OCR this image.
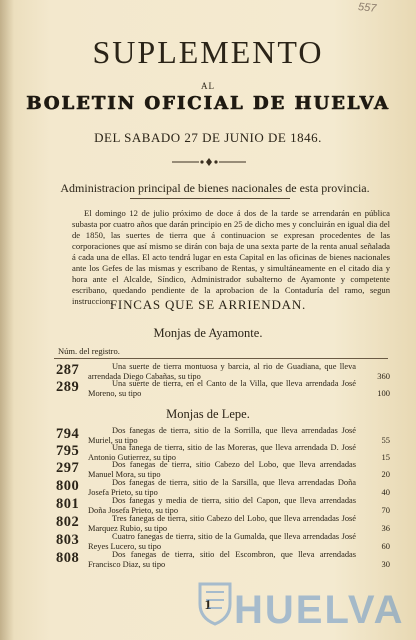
557
SUPLEMENTO
AL
BOLETIN OFICIAL DE HUELVA
DEL SABADO 27 DE JUNIO DE 1846.
Administracion principal de bienes nacionales de esta provincia.
El domingo 12 de julio próximo de doce á dos de la tarde se arrendarán en pública subasta por cuatro años que darán principio en 25 de dicho mes y concluirán en igual dia del de 1850, las suertes de tierra que á continuacion se expresan procedentes de las corporaciones que así mismo se dirán con baja de una sexta parte de la renta anual señalada á cada una de ellas. El acto tendrá lugar en esta Capital en las oficinas de bienes nacionales ante los Gefes de las mismas y escribano de Rentas, y simultáneamente en el citado dia y hora ante el Alcalde, Síndico, Administrador subalterno de Ayamonte y competente escribano, quedando pendiente de la aprobacion de la Contaduría del ramo, segun instruccion.
FINCAS QUE SE ARRIENDAN.
Monjas de Ayamonte.
Núm. del registro.
287	Una suerte de tierra montuosa y barcia, al rio de Guadiana, que lleva arrendada Diego Cabañas, su tipo	360
289	Una suerte de tierra, en el Canto de la Villa, que lleva arrendada José Moreno, su tipo	100
Monjas de Lepe.
794	Dos fanegas de tierra, sitio de la Sorrilla, que lleva arrendadas José Muriel, su tipo	55
795	Una fanega de tierra, sitio de las Moreras, que lleva arrendada D. José Antonio Gutierrez, su tipo	15
297	Dos fanegas de tierra, sitio Cabezo del Lobo, que lleva arrendadas Manuel Mora, su tipo	20
800	Dos fanegas de tierra, sitio de la Sarsilla, que lleva arrendadas Doña Josefa Prieto, su tipo	40
801	Dos fanegas y media de tierra, sitio del Capon, que lleva arrendadas Doña Josefa Prieto, su tipo	70
802	Tres fanegas de tierra, sitio Cabezo del Lobo, que lleva arrendadas José Marquez Rubio, su tipo	36
803	Cuatro fanegas de tierra, sitio de la Gumalda, que lleva arrendadas José Reyes Lucero, su tipo	60
808	Dos fanegas de tierra, sitio del Escombron, que lleva arrendadas Francisco Diaz, su tipo	30
1 HUELVA
